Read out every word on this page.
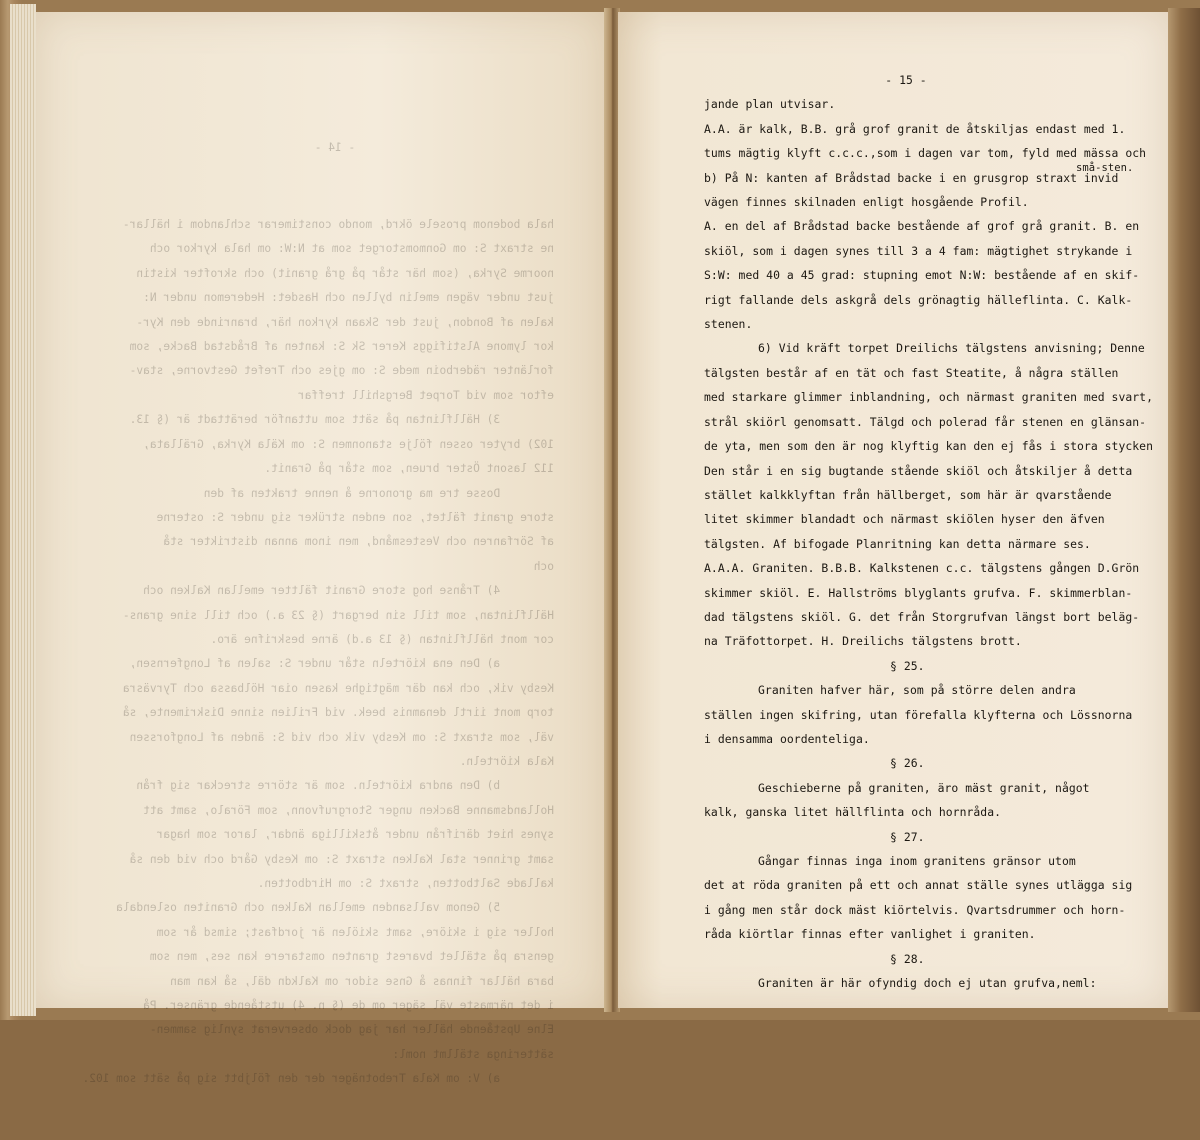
- 14 -

hala bodenom prosele ökrd, mondo constimerar schlandom i hällar-
ne straxt S: om Gonmomstorget som at N:W: om hala kyrkor och
noorme Syrka, (som här står på grå granit) och skrofter kistin
just under vägen emelin byllen och Hasdet: Hederemon under N:
kalen af Bondon, just der Skaan kyrkon här, branrinde den Kyr-
kor lymone Alstifiggs Kerer Sk S: kanten af Brådstad Backe, som
forlänter räderboin mede S: om gjes och Trefet Gestvorne, stav-
eftor som vid Torpet Bergshill treffar
3) Hällflintan på sätt som uttanför berättadt är (§ 13.
102) bryter ossen följe stanonmen S: om Käla Kyrka, Grällata,
112 lasont Öster bruen, som står på Granit.
Dosse tre ma gronorne å nenne trakten af den
store granit fältet, son enden strüker sig under S: osterne
af Sörfanren och Vestesmånd, men inom annan distrikter stå
och
4) Trånse hog store Granit fältter emellan Kalken och
Hällflintan, som till sin bergart (§ 23 a.) och till sine grans-
cor mont hällflintan (§ 13 a.d) ärne beskrifne äro.
a) Den ena kiörteln står under S: salen af Longfernsen,
Kesby vik, och kan där mägtighe kasen oiar Hölbassa och Tyrväsra
torp mont iirtl denamnis beek. vid Frilien sinne Diskrimente, så
väl, som straxt S: om Kesby vik och vid S: änden af Longforssen
Kala kiörteln.
b) Den andra kiörteln. som är större streckar sig från
Hollandsmanne Backen unger Storgrufvonn, som Föralo, samt att
synes hiet därifrån under åtskilliga ändar, laror som hagar
samt grinner stal Kalken straxt S: om Kesby Gård och vid den så
kallade Saltbotten, straxt S: om Hirdbotten.
5) Genom vallsanden emellan Kalken och Graniten oslendala
holler sig i skiöre, samt skiölen är jordfast; simsd år som
gensra på stället bvarest granten omstarere kan ses, men som
bara hällar finnas å Gnse sidor om Kalkdn däl, så kan man
i det närmaste väl säger om de (§ n. 4) utstående gränser. På
Elne Upstående häller har jag dock observerat synlig sammen-
sätteringa ställmt noml:
a) V: om Kala Trebotnäger der den följbtt sig på sätt som 102.

- 15 -
jande plan utvisar.
A.A. är kalk, B.B. grå grof granit de åtskiljas endast med 1.
tums mägtig klyft c.c.c.,som i dagen var tom, fyld med mässa och
små-sten.
b) På N: kanten af Brådstad backe i en grusgrop straxt invid
vägen finnes skilnaden enligt hosgående Profil.
A. en del af Brådstad backe bestående af grof grå granit. B. en
skiöl, som i dagen synes till 3 a 4 fam: mägtighet strykande i
S:W: med 40 a 45 grad: stupning emot N:W: bestående af en skif-
rigt fallande dels askgrå dels grönagtig hälleflinta. C. Kalk-
stenen.
6) Vid kräft torpet Dreilichs tälgstens anvisning; Denne
tälgsten består af en tät och fast Steatite, å några ställen
med starkare glimmer inblandning, och närmast graniten med svart,
strål skiörl genomsatt. Tälgd och polerad får stenen en glänsan-
de yta, men som den är nog klyftig kan den ej fås i stora stycken
Den står i en sig bugtande stående skiöl och åtskiljer å detta
stället kalkklyftan från hällberget, som här är qvarstående
litet skimmer blandadt och närmast skiölen hyser den äfven
tälgsten. Af bifogade Planritning kan detta närmare ses.
A.A.A. Graniten. B.B.B. Kalkstenen c.c. tälgstens gången D.Grön
skimmer skiöl. E. Hallströms blyglants grufva. F. skimmerblan-
dad tälgstens skiöl. G. det från Storgrufvan längst bort beläg-
na Träfottorpet. H. Dreilichs tälgstens brott.
§ 25.
Graniten hafver här, som på större delen andra
ställen ingen skifring, utan förefalla klyfterna och Lössnorna
i densamma oordenteliga.
§ 26.
Geschieberne på graniten, äro mäst granit, något
kalk, ganska litet hällflinta och hornråda.
§ 27.
Gångar finnas inga inom granitens gränsor utom
det at röda graniten på ett och annat ställe synes utlägga sig
i gång men står dock mäst kiörtelvis. Qvartsdrummer och horn-
råda kiörtlar finnas efter vanlighet i graniten.
§ 28.
Graniten är här ofyndig doch ej utan grufva,neml:
